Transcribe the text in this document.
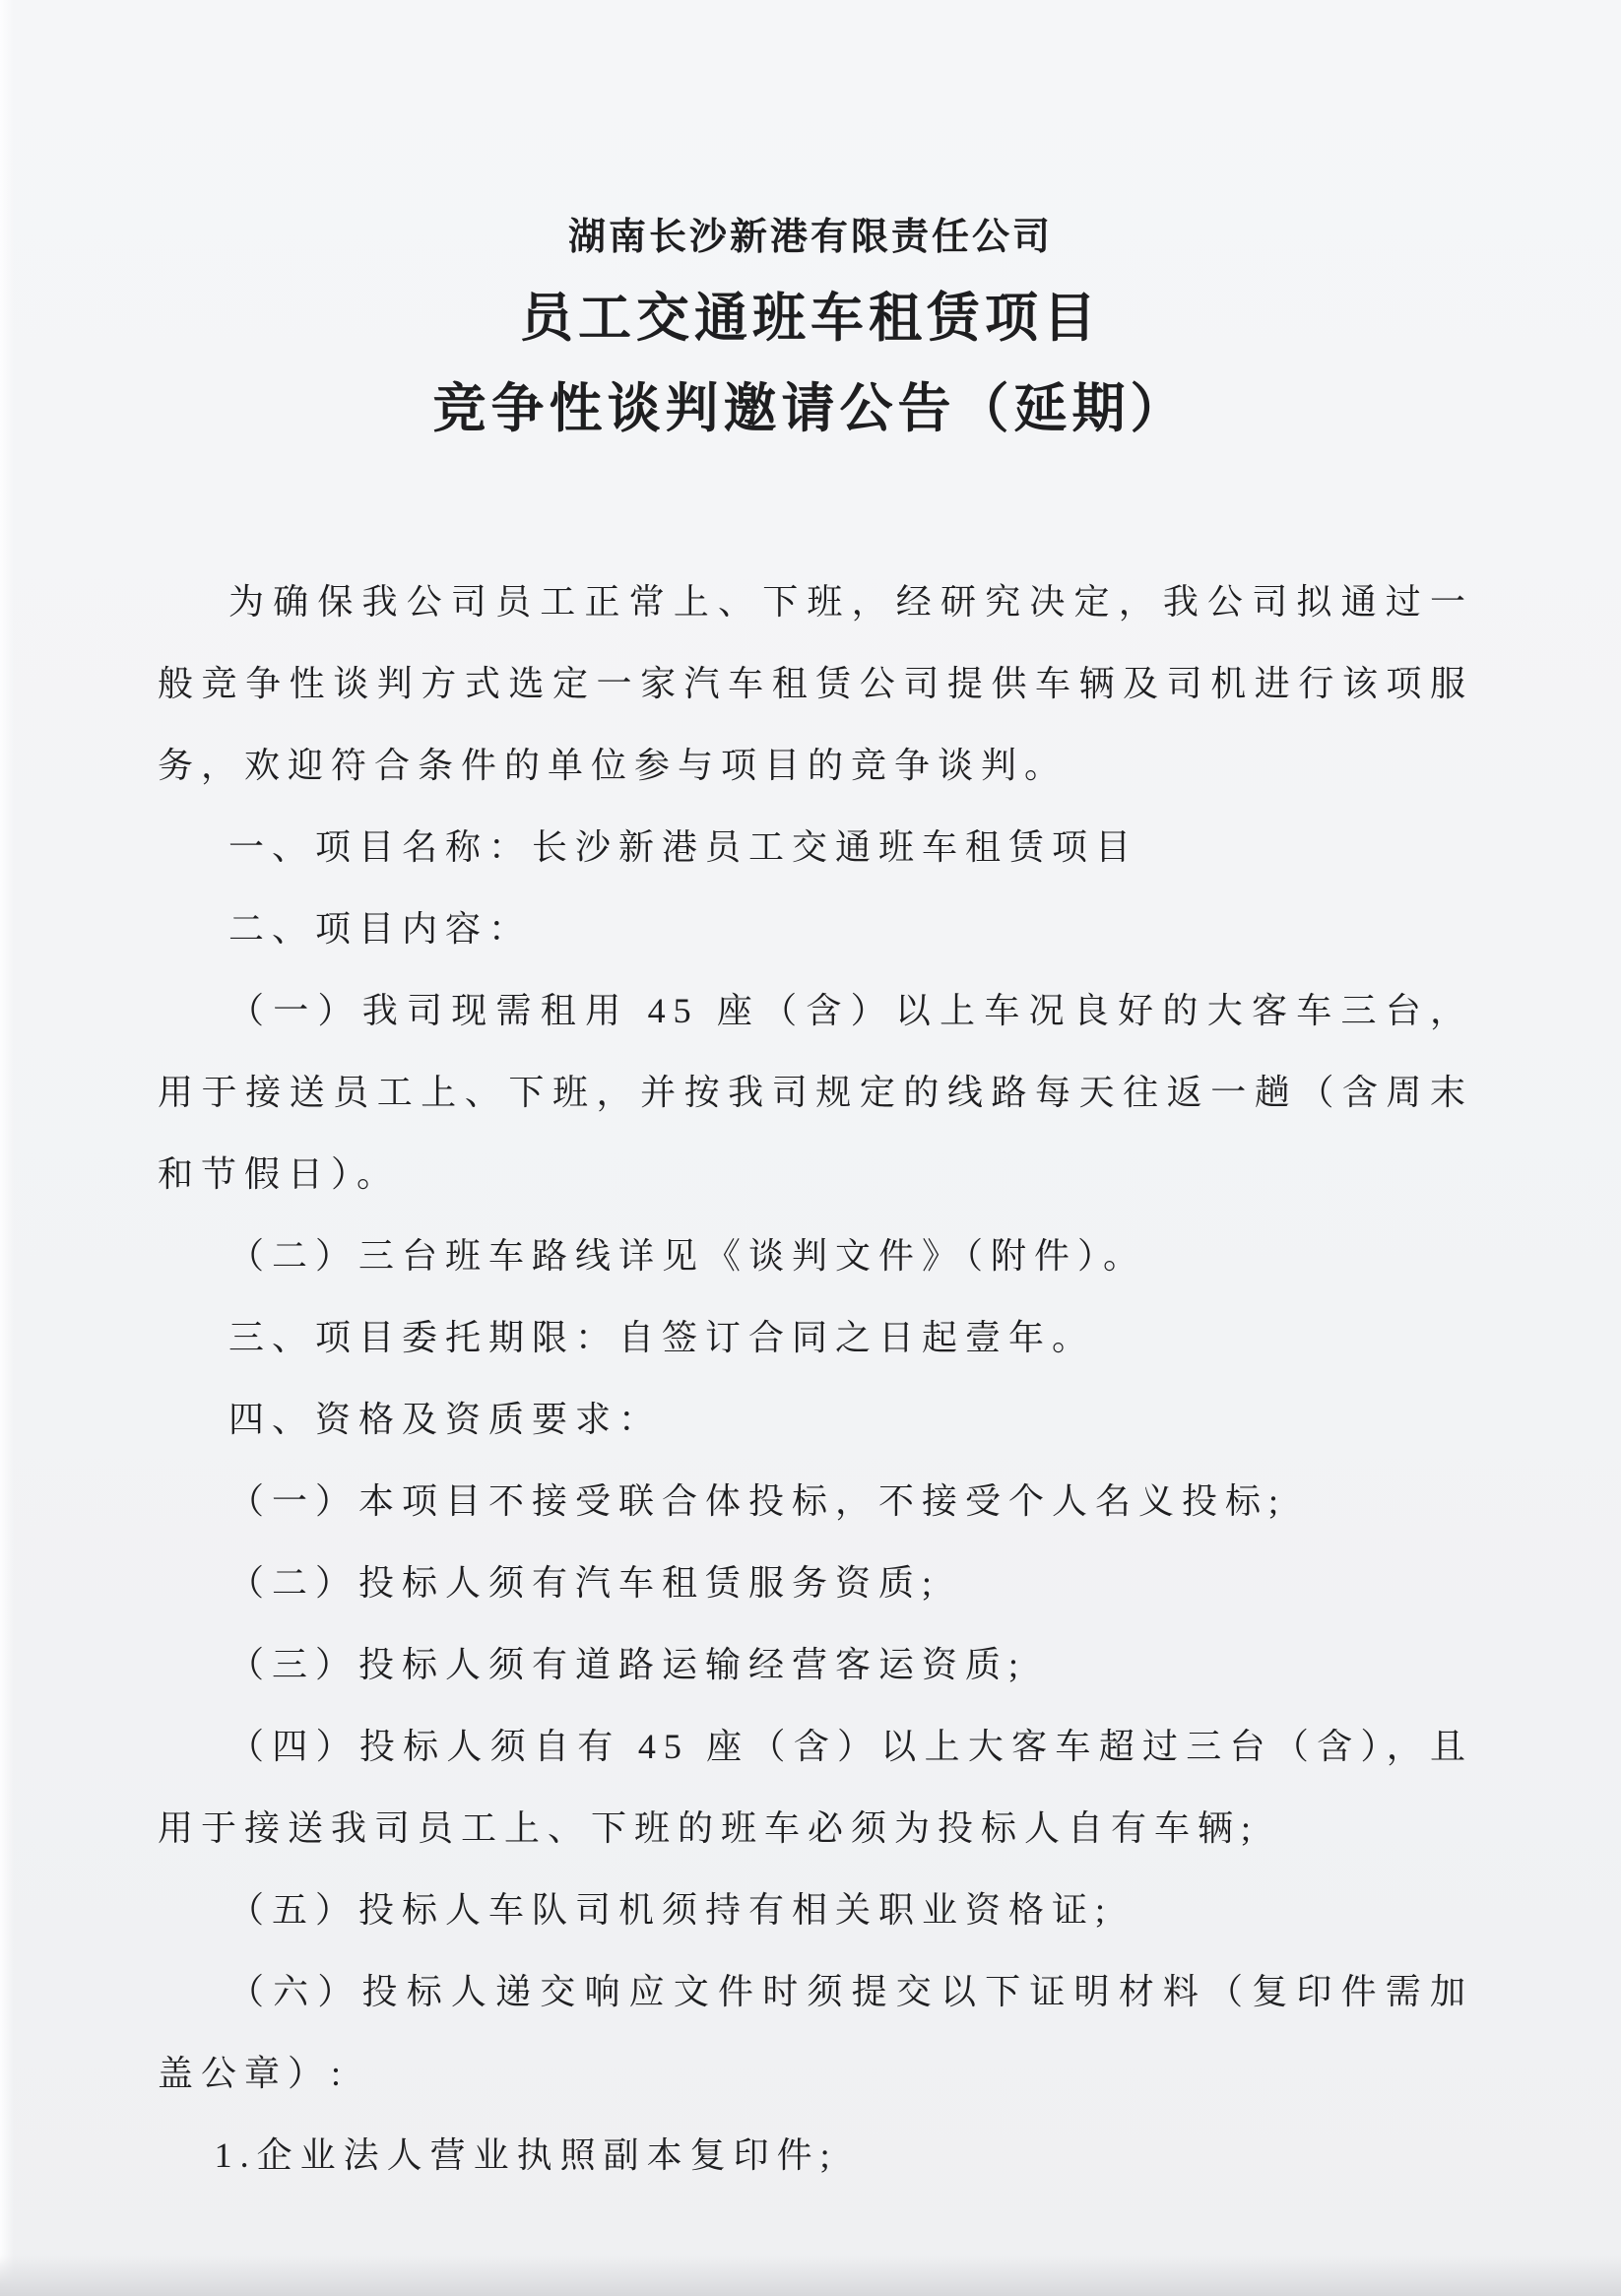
湖南长沙新港有限责任公司
员工交通班车租赁项目
竞争性谈判邀请公告（延期）

为确保我公司员工正常上、下班，经研究决定，我公司拟通过一般竞争性谈判方式选定一家汽车租赁公司提供车辆及司机进行该项服务，欢迎符合条件的单位参与项目的竞争谈判。

一、项目名称：长沙新港员工交通班车租赁项目

二、项目内容：

（一）我司现需租用 45 座（含）以上车况良好的大客车三台，用于接送员工上、下班，并按我司规定的线路每天往返一趟（含周末和节假日）。

（二）三台班车路线详见《谈判文件》（附件）。

三、项目委托期限：自签订合同之日起壹年。

四、资格及资质要求：

（一）本项目不接受联合体投标，不接受个人名义投标;

（二）投标人须有汽车租赁服务资质;

（三）投标人须有道路运输经营客运资质;

（四）投标人须自有 45 座（含）以上大客车超过三台（含），且用于接送我司员工上、下班的班车必须为投标人自有车辆;

（五）投标人车队司机须持有相关职业资格证;

（六）投标人递交响应文件时须提交以下证明材料（复印件需加盖公章）:

1.企业法人营业执照副本复印件;
